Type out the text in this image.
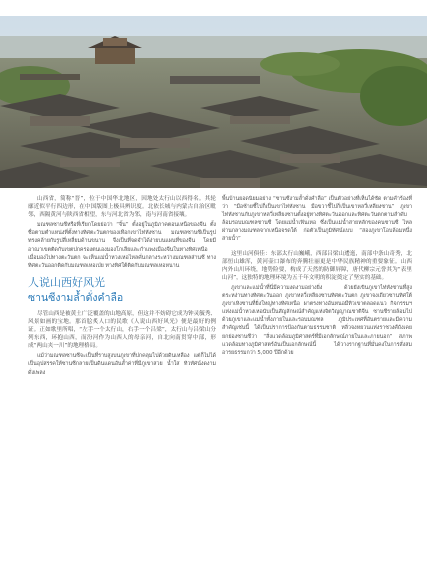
山西省，简称“晋”，位于中国华北地区，因地处太行山以西得名。其轮廓近似平行四边形，在中国版图上极具辨识度。北依长城与内蒙古自治区毗邻，西隔黄河与陕西省相望，东与河北省为邻，南与河南省接壤。

มณฑลซานซีหรือที่เรียกโดยย่อว่า “จิ้น” ตั้งอยู่ในภูมิภาคตอนเหนือของจีน ตั้งชื่อตามตำแหน่งที่ตั้งทางทิศตะวันตกของเทือกเขาไท่หังซาน มณฑลซานซีเป็นรูปทรงคล้ายกับรูปสี่เหลี่ยมด้านขนาน จึงเป็นที่จดจำได้ง่ายบนแผนที่ของจีน โดยมีอาณาเขตติดกับเขตปกครองตนเองมองโกเลียและกำแพงเมืองจีนในทางทิศเหนือ เมื่อมองไปทางตะวันตก จะเห็นแม่น้ำหวงเหอไหลคั่นกลางระหว่างมณฑลส่านซี ทางทิศตะวันออกติดกับมณฑลเหอเป่ย ทางทิศใต้ติดกับมณฑลเหอหนาน

人说山西好风光
ซานซีงามล้ำดั่งคำลือ

尽管山西是被黄土广泛覆盖的山地高原，但这并不妨碍它成为钟灵毓秀、风景如画的宝地。那首脍炙人口的民歌《人说山西好风光》便是最好的例证。正如歌里所唱，“左手一个太行山，右手一个吕梁”，太行山与吕梁山分列东西，环抱山西，而汾河作为山西人的母亲河，自北向南贯穿中部，形成“两山夹一川”的地理格局。

แม้ว่ามณฑลซานซีจะเป็นที่ราบสูงบนภูเขาที่ปกคลุมไปด้วยดินเหลือง แต่ก็ไม่ได้เป็นอุปสรรคให้ซานซีกลายเป็นดินแดนอันล้ำค่าที่มีภูเขาสวย น้ำใส ทิวทัศน์งดงาม ดั่งเพลง

พื้นบ้านยอดนิยมอย่าง “ซานซีงามล้ำดั่งคำลือ” เป็นตัวอย่างที่เห็นได้ชัด ตามคำร้องที่ว่า “มือซ้ายชี้ไปก็เป็นเขาไท่หังซาน มือขวาชี้ไปก็เป็นเขาหลวี่เหลียงซาน” ภูเขาไท่หังซานกับภูเขาหลวี่เหลียงซานตั้งอยู่ทางทิศตะวันออกและทิศตะวันตกตามลำดับ ล้อมรอบมณฑลซานซี โดยแม่น้ำเฟินเหอ ซึ่งเป็นแม่น้ำสายหลักของคนซานซี ไหลผ่านกลางมณฑลจากเหนือจรดใต้ ก่อตัวเป็นภูมิทัศน์แบบ “สองภูเขาโอบล้อมหนึ่งสายน้ำ”

这里山河俱佳：东部太行山巍峨，西部吕梁山逶迤，南部中条山奇秀，北部恒山雄浑，黄河壶口瀑布的奔腾壮丽更是中华民族精神的重要象征。山西内外山川环绕，地势险要，构成了天然的防御屏障，唐代柳宗元誉其为“表里山河”，这独特的地理环境为五千年文明的积淀奠定了坚实的基础。

ภูเขาและแม่น้ำที่นี่มีความงดงามอย่างยิ่ง ด้วยยังเขินภูเขาไท่หังซานที่สูงตระหง่านทางทิศตะวันออก ภูเขาหลวี่เหลียงซานทิศตะวันตก ภูเขาจงเถียวซานทิศใต้ ภูเขาเหิงซานที่ยิ่งใหญ่ทางทิศเหนือ ผาตรงทางอันหนอมีทิวเขาตลอดแนว กิจกรรมฯ แห่งแม่น้ำหวงเหอนับเป็นสัญลักษณ์สำคัญแห่งจิตวิญญาณชาติจีน ซานซีรายล้อมไปด้วยภูเขาและแม่น้ำทั้งภายในและรอบมณฑล ภูมิประเทศที่อันตรายและมีความสำคัญเช่นนี้ ได้เป็นปราการป้องกันตามธรรมชาติ หลิ่วจงหยวนแห่งราชวงศ์ถังเคยยกย่องซานซีว่า “สิ่งแวดล้อมภูมิศาสตร์ที่มีเอกลักษณ์ภายในและภายนอก” สภาพแวดล้อมทางภูมิศาสตร์อันเป็นเอกลักษณ์นี้ ได้วางรากฐานที่มั่นคงในการสั่งสมอารยธรรมกว่า 5,000 ปีอีกด้วย
